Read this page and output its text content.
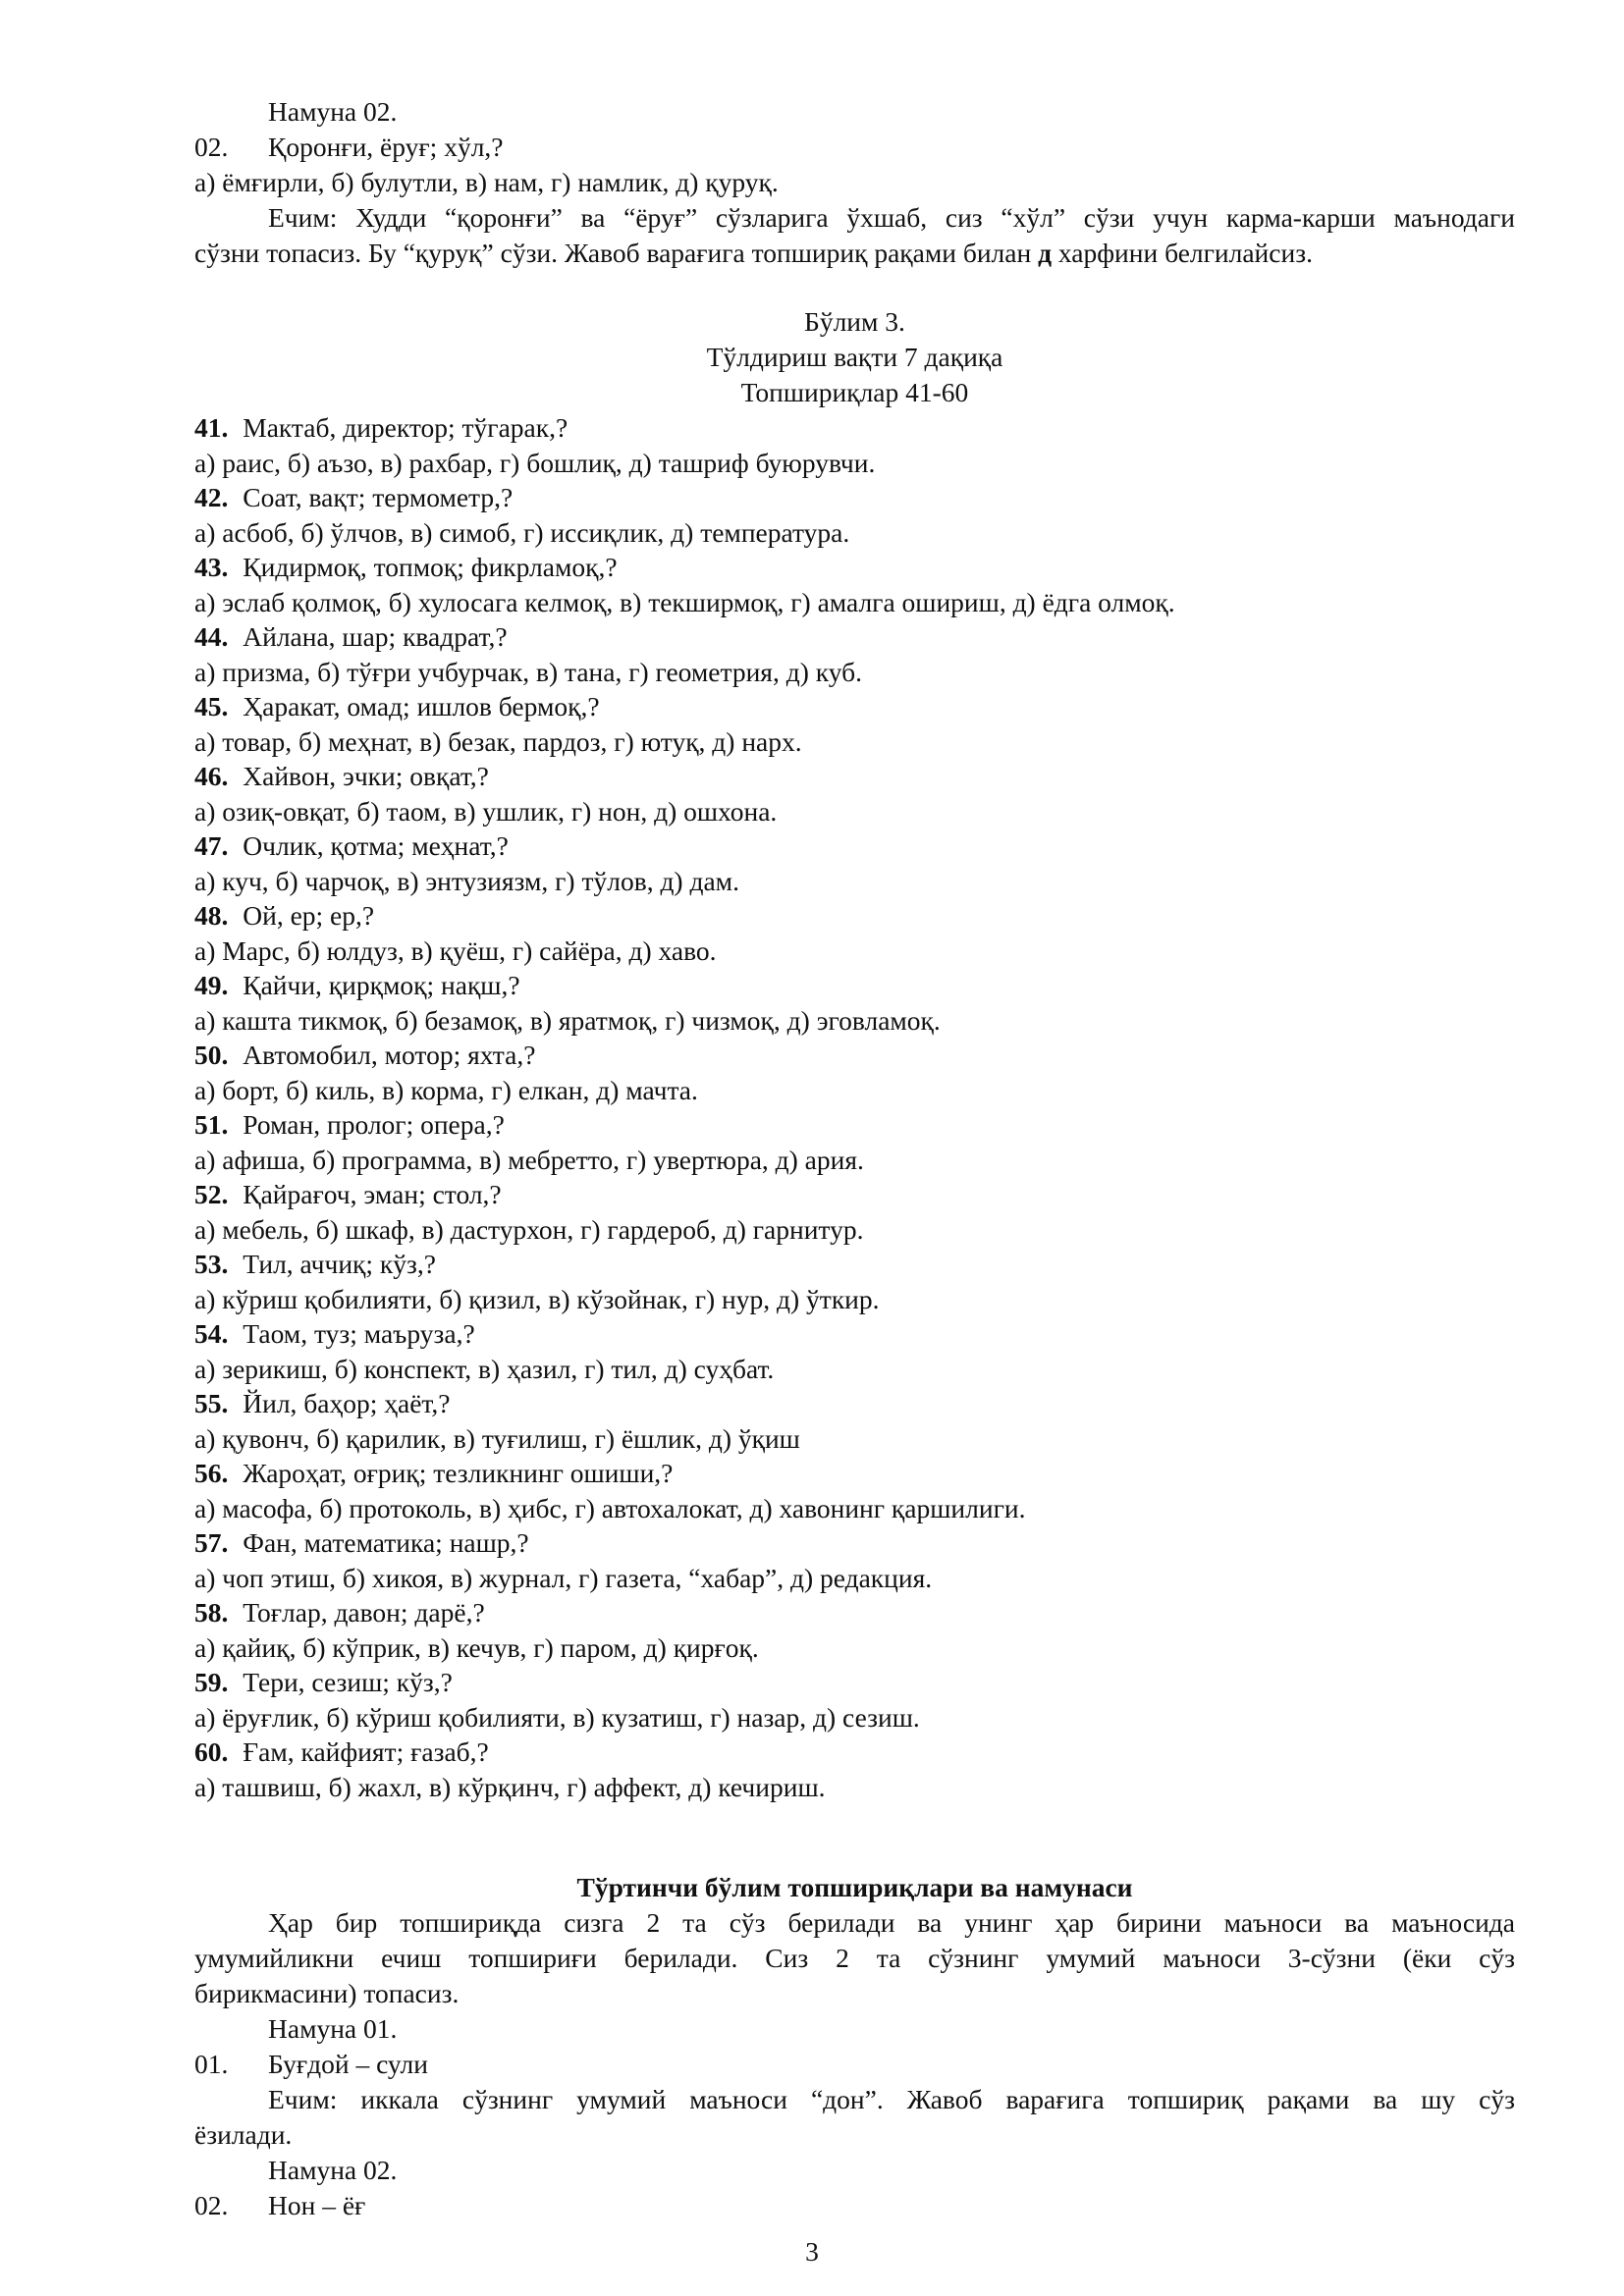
Намуна 02.
02. Қоронғи, ёруғ; хўл,?
а) ёмғирли, б) булутли, в) нам, г) намлик, д) қуруқ.
Ечим: Худди “қоронғи” ва “ёруғ” сўзларига ўхшаб, сиз “хўл” сўзи учун карма-карши маънодаги
сўзни топасиз. Бу “қуруқ” сўзи. Жавоб варағига топшириқ рақами билан д харфини белгилайсиз.
Бўлим 3.
Тўлдириш вақти 7 дақиқа
Топшириқлар 41-60
41. Мактаб, директор; тўгарак,?
а) раис, б) аъзо, в) рахбар, г) бошлиқ, д) ташриф буюрувчи.
42. Соат, вақт; термометр,?
а) асбоб, б) ўлчов, в) симоб, г) иссиқлик, д) температура.
43. Қидирмоқ, топмоқ; фикрламоқ,?
а) эслаб қолмоқ, б) хулосага келмоқ, в) текширмоқ, г) амалга ошириш, д) ёдга олмоқ.
44. Айлана, шар; квадрат,?
а) призма, б) тўғри учбурчак, в) тана, г) геометрия, д) куб.
45. Ҳаракат, омад; ишлов бермоқ,?
а) товар, б) меҳнат, в) безак, пардоз, г) ютуқ, д) нарх.
46. Хайвон, эчки; овқат,?
а) озиқ-овқат, б) таом, в) ушлик, г) нон, д) ошхона.
47. Очлик, қотма; меҳнат,?
а) куч, б) чарчоқ, в) энтузиязм, г) тўлов, д) дам.
48. Ой, ер; ер,?
а) Марс, б) юлдуз, в) қуёш, г) сайёра, д) хаво.
49. Қайчи, қирқмоқ; нақш,?
а) кашта тикмоқ, б) безамоқ, в) яратмоқ, г) чизмоқ, д) эговламоқ.
50. Автомобил, мотор; яхта,?
а) борт, б) киль, в) корма, г) елкан, д) мачта.
51. Роман, пролог; опера,?
а) афиша, б) программа, в) мебретто, г) увертюра, д) ария.
52. Қайрағоч, эман; стол,?
а) мебель, б) шкаф, в) дастурхон, г) гардероб, д) гарнитур.
53. Тил, аччиқ; кўз,?
а) кўриш қобилияти, б) қизил, в) кўзойнак, г) нур, д) ўткир.
54. Таом, туз; маърузa,?
а) зерикиш, б) конспект, в) ҳазил, г) тил, д) суҳбат.
55. Йил, баҳор; ҳаёт,?
а) қувонч, б) қарилик, в) туғилиш, г) ёшлик, д) ўқиш
56. Жароҳат, оғриқ; тезликнинг ошиши,?
а) масофа, б) протоколь, в) ҳибс, г) автохалокат, д) хавонинг қаршилиги.
57. Фан, математика; нашр,?
а) чоп этиш, б) хикоя, в) журнал, г) газета, “хабар”, д) редакция.
58. Тоғлар, давон; дарё,?
а) қайиқ, б) кўприк, в) кечув, г) паром, д) қирғоқ.
59. Тери, сезиш; кўз,?
а) ёруғлик, б) кўриш қобилияти, в) кузатиш, г) назар, д) сезиш.
60. Ғам, кайфият; ғазаб,?
а) ташвиш, б) жахл, в) кўрқинч, г) аффект, д) кечириш.
Тўртинчи бўлим топшириқлари ва намунаси
Ҳар бир топшириқда сизга 2 та сўз берилади ва унинг ҳар бирини маъноси ва маъносида
умумийликни ечиш топшириғи берилади. Сиз 2 та сўзнинг умумий маъноси 3-сўзни (ёки сўз
бирикмасини) топасиз.
Намуна 01.
01. Буғдой – сули
Ечим: иккала сўзнинг умумий маъноси “дон”. Жавоб варағига топшириқ рақами ва шу сўз
ёзилади.
Намуна 02.
02. Нон – ёғ
3
